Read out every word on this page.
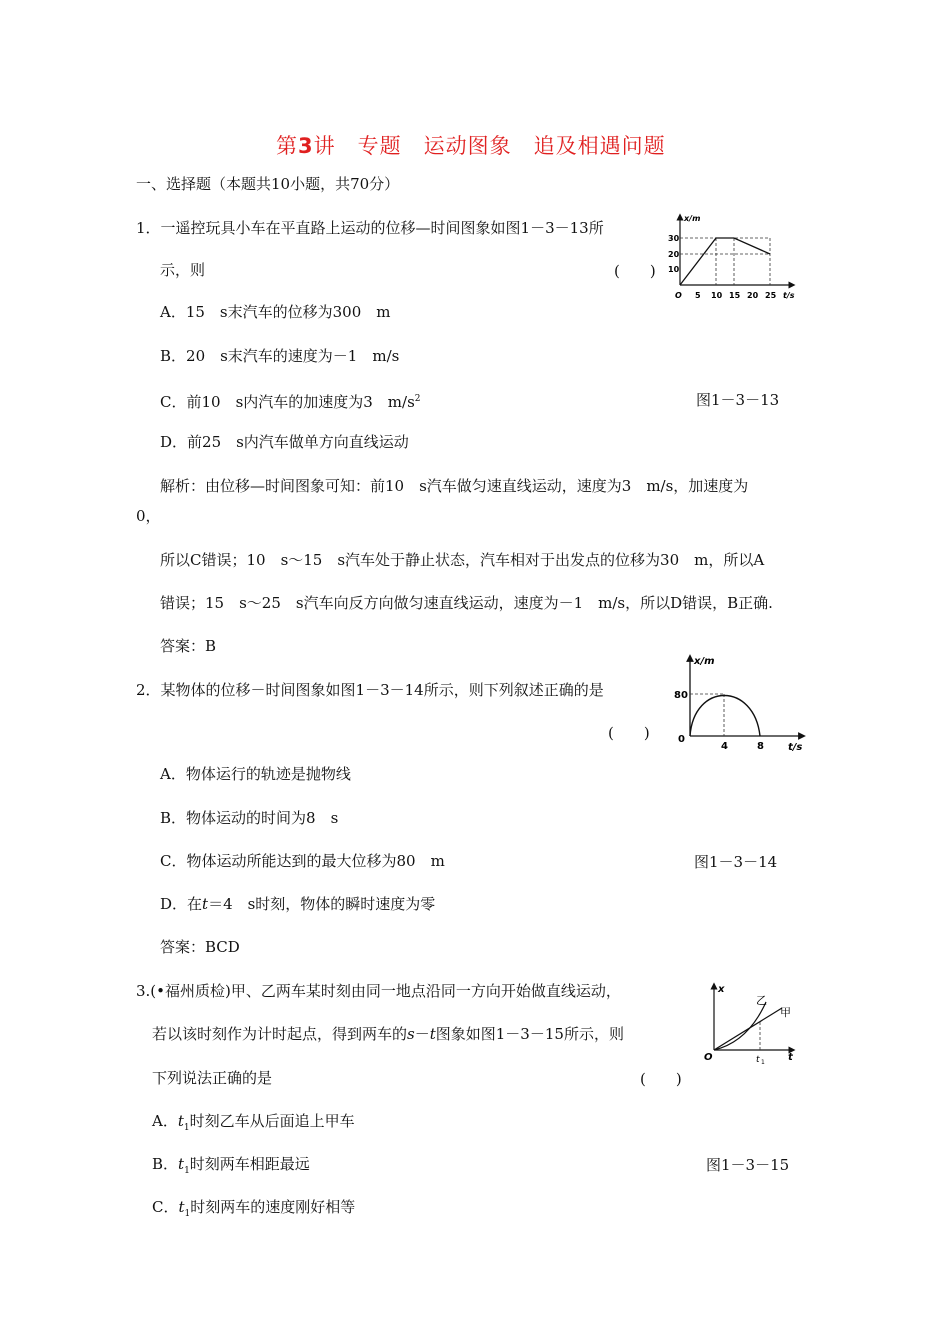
第3讲　专题　运动图象　追及相遇问题
一、选择题（本题共10小题，共70分）
1．一遥控玩具小车在平直路上运动的位移—时间图象如图1－3－13所
示，则	(　　)
x/m
t/s
O
30
20
10
5 10 15 20 25
A．15　s末汽车的位移为300　m
B．20　s末汽车的速度为－1　m/s
C．前10　s内汽车的加速度为3　$m/s^2$	图1－3－13
D．前25　s内汽车做单方向直线运动
解析：由位移—时间图象可知：前10　s汽车做匀速直线运动，速度为3　m/s，加速度为
0，
所以C错误；10　s～15　s汽车处于静止状态，汽车相对于出发点的位移为30　m，所以A
错误；15　s～25　s汽车向反方向做匀速直线运动，速度为－1　m/s，所以D错误，B正确.
答案：B
2．某物体的位移－时间图象如图1－3－14所示，则下列叙述正确的是
(　　)
x/m
t/s
0
80
4	8
A．物体运行的轨迹是抛物线
B．物体运动的时间为8　s
C．物体运动所能达到的最大位移为80　m	图1－3－14
D．在t＝4　s时刻，物体的瞬时速度为零
答案：BCD
3.(•福州质检)甲、乙两车某时刻由同一地点沿同一方向开始做直线运动，
若以该时刻作为计时起点，得到两车的s－t图象如图1－3－15所示，则
下列说法正确的是	(　　)
x
t
O
乙
甲
t 1
A．$t_1$时刻乙车从后面追上甲车
B．$t_1$时刻两车相距最远	图1－3－15
C．$t_1$时刻两车的速度刚好相等
